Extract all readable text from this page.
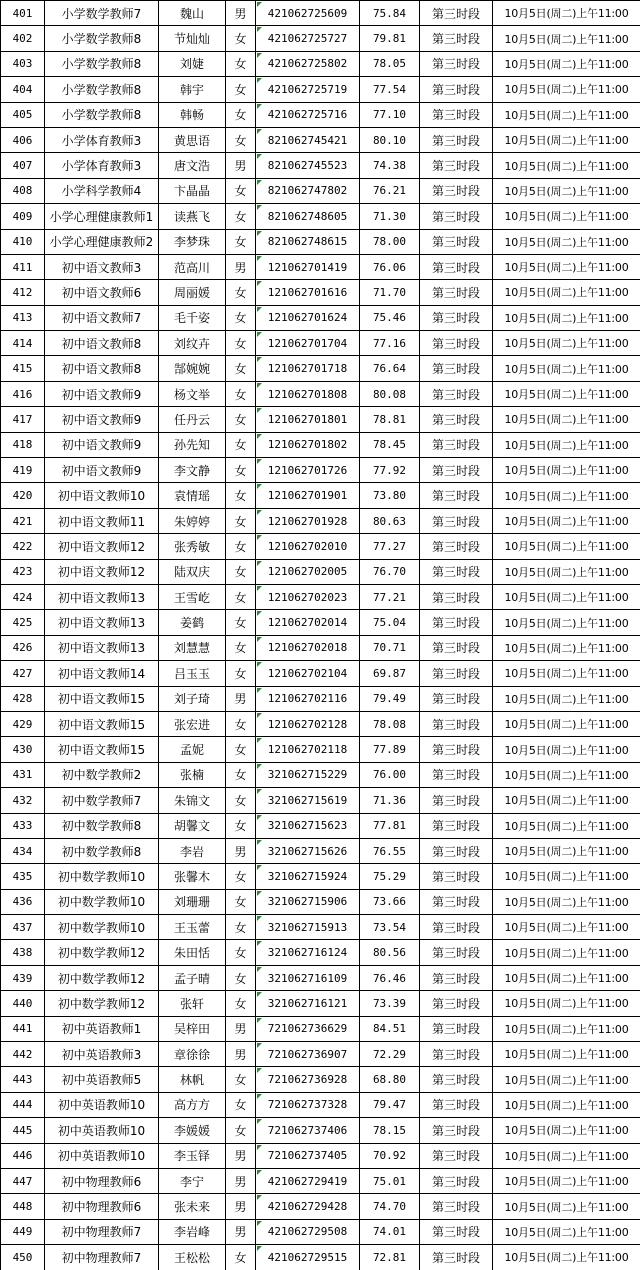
401	小学数学教师7	魏山	男	421062725609	75.84	第三时段	10月5日(周二)上午11:00
402	小学数学教师8	节灿灿	女	421062725727	79.81	第三时段	10月5日(周二)上午11:00
403	小学数学教师8	刘婕	女	421062725802	78.05	第三时段	10月5日(周二)上午11:00
404	小学数学教师8	韩宇	女	421062725719	77.54	第三时段	10月5日(周二)上午11:00
405	小学数学教师8	韩畅	女	421062725716	77.10	第三时段	10月5日(周二)上午11:00
406	小学体育教师3	黄思语	女	821062745421	80.10	第三时段	10月5日(周二)上午11:00
407	小学体育教师3	唐文浩	男	821062745523	74.38	第三时段	10月5日(周二)上午11:00
408	小学科学教师4	卞晶晶	女	821062747802	76.21	第三时段	10月5日(周二)上午11:00
409	小学心理健康教师1	读燕飞	女	821062748605	71.30	第三时段	10月5日(周二)上午11:00
410	小学心理健康教师2	李梦珠	女	821062748615	78.00	第三时段	10月5日(周二)上午11:00
411	初中语文教师3	范高川	男	121062701419	76.06	第三时段	10月5日(周二)上午11:00
412	初中语文教师6	周丽媛	女	121062701616	71.70	第三时段	10月5日(周二)上午11:00
413	初中语文教师7	毛千姿	女	121062701624	75.46	第三时段	10月5日(周二)上午11:00
414	初中语文教师8	刘纹卉	女	121062701704	77.16	第三时段	10月5日(周二)上午11:00
415	初中语文教师8	郜婉婉	女	121062701718	76.64	第三时段	10月5日(周二)上午11:00
416	初中语文教师9	杨文举	女	121062701808	80.08	第三时段	10月5日(周二)上午11:00
417	初中语文教师9	任丹云	女	121062701801	78.81	第三时段	10月5日(周二)上午11:00
418	初中语文教师9	孙先知	女	121062701802	78.45	第三时段	10月5日(周二)上午11:00
419	初中语文教师9	李文静	女	121062701726	77.92	第三时段	10月5日(周二)上午11:00
420	初中语文教师10	袁情瑶	女	121062701901	73.80	第三时段	10月5日(周二)上午11:00
421	初中语文教师11	朱婷婷	女	121062701928	80.63	第三时段	10月5日(周二)上午11:00
422	初中语文教师12	张秀敏	女	121062702010	77.27	第三时段	10月5日(周二)上午11:00
423	初中语文教师12	陆双庆	女	121062702005	76.70	第三时段	10月5日(周二)上午11:00
424	初中语文教师13	王雪屹	女	121062702023	77.21	第三时段	10月5日(周二)上午11:00
425	初中语文教师13	姜鹤	女	121062702014	75.04	第三时段	10月5日(周二)上午11:00
426	初中语文教师13	刘慧慧	女	121062702018	70.71	第三时段	10月5日(周二)上午11:00
427	初中语文教师14	吕玉玉	女	121062702104	69.87	第三时段	10月5日(周二)上午11:00
428	初中语文教师15	刘子琦	男	121062702116	79.49	第三时段	10月5日(周二)上午11:00
429	初中语文教师15	张宏进	女	121062702128	78.08	第三时段	10月5日(周二)上午11:00
430	初中语文教师15	孟妮	女	121062702118	77.89	第三时段	10月5日(周二)上午11:00
431	初中数学教师2	张楠	女	321062715229	76.00	第三时段	10月5日(周二)上午11:00
432	初中数学教师7	朱锦文	女	321062715619	71.36	第三时段	10月5日(周二)上午11:00
433	初中数学教师8	胡馨文	女	321062715623	77.81	第三时段	10月5日(周二)上午11:00
434	初中数学教师8	李岩	男	321062715626	76.55	第三时段	10月5日(周二)上午11:00
435	初中数学教师10	张馨木	女	321062715924	75.29	第三时段	10月5日(周二)上午11:00
436	初中数学教师10	刘珊珊	女	321062715906	73.66	第三时段	10月5日(周二)上午11:00
437	初中数学教师10	王玉蕾	女	321062715913	73.54	第三时段	10月5日(周二)上午11:00
438	初中数学教师12	朱田恬	女	321062716124	80.56	第三时段	10月5日(周二)上午11:00
439	初中数学教师12	孟子晴	女	321062716109	76.46	第三时段	10月5日(周二)上午11:00
440	初中数学教师12	张轩	女	321062716121	73.39	第三时段	10月5日(周二)上午11:00
441	初中英语教师1	吴梓田	男	721062736629	84.51	第三时段	10月5日(周二)上午11:00
442	初中英语教师3	章徐徐	男	721062736907	72.29	第三时段	10月5日(周二)上午11:00
443	初中英语教师5	林帆	女	721062736928	68.80	第三时段	10月5日(周二)上午11:00
444	初中英语教师10	高方方	女	721062737328	79.47	第三时段	10月5日(周二)上午11:00
445	初中英语教师10	李媛媛	女	721062737406	78.15	第三时段	10月5日(周二)上午11:00
446	初中英语教师10	李玉铎	男	721062737405	70.92	第三时段	10月5日(周二)上午11:00
447	初中物理教师6	李宁	男	421062729419	75.01	第三时段	10月5日(周二)上午11:00
448	初中物理教师6	张未来	男	421062729428	74.70	第三时段	10月5日(周二)上午11:00
449	初中物理教师7	李岩峰	男	421062729508	74.01	第三时段	10月5日(周二)上午11:00
450	初中物理教师7	王松松	女	421062729515	72.81	第三时段	10月5日(周二)上午11:00
